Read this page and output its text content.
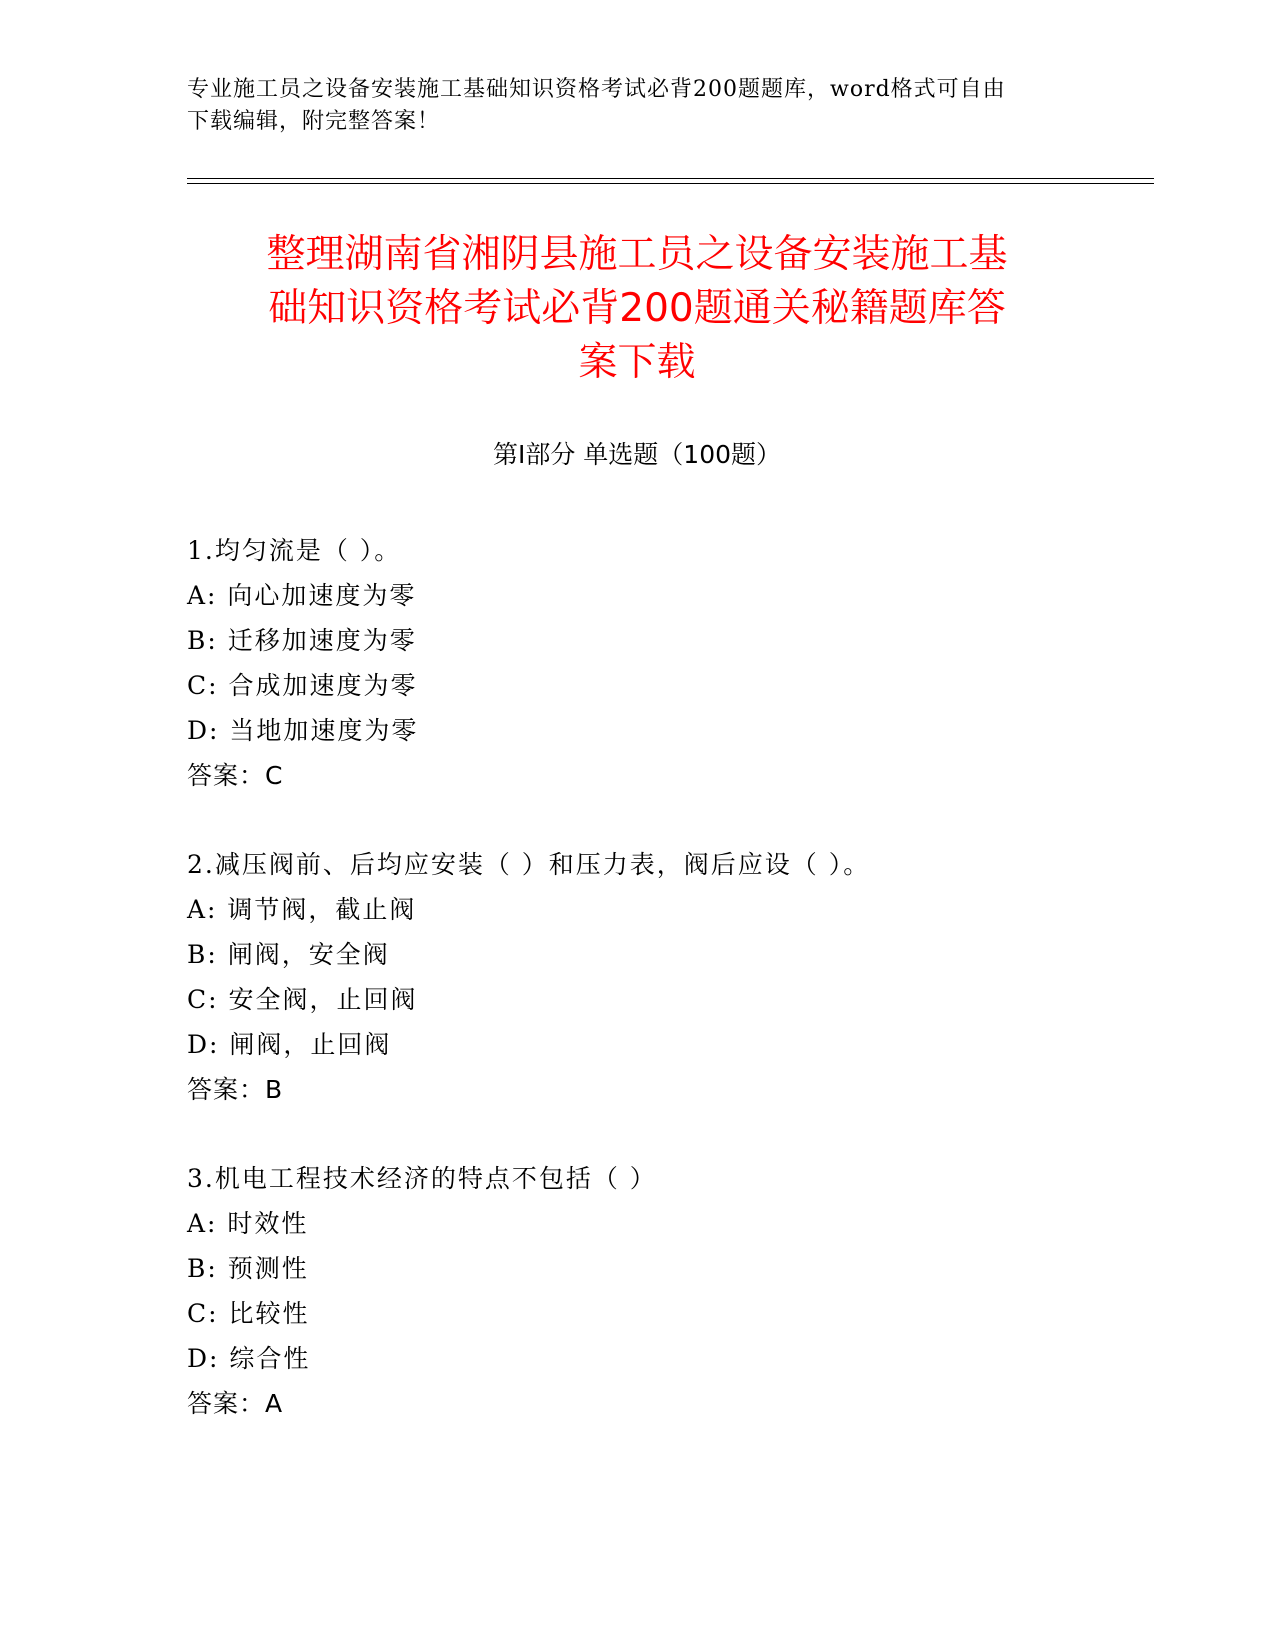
专业施工员之设备安装施工基础知识资格考试必背200题题库，word格式可自由
下载编辑，附完整答案！
整理湖南省湘阴县施工员之设备安装施工基
础知识资格考试必背200题通关秘籍题库答
案下载
第Ⅰ部分 单选题（100题）
1.均匀流是（ ）。
A: 向心加速度为零
B: 迁移加速度为零
C: 合成加速度为零
D: 当地加速度为零
答案：C
2.减压阀前、后均应安装（ ）和压力表，阀后应设（ ）。
A: 调节阀，截止阀
B: 闸阀，安全阀
C: 安全阀，止回阀
D: 闸阀，止回阀
答案：B
3.机电工程技术经济的特点不包括（ ）
A: 时效性
B: 预测性
C: 比较性
D: 综合性
答案：A
